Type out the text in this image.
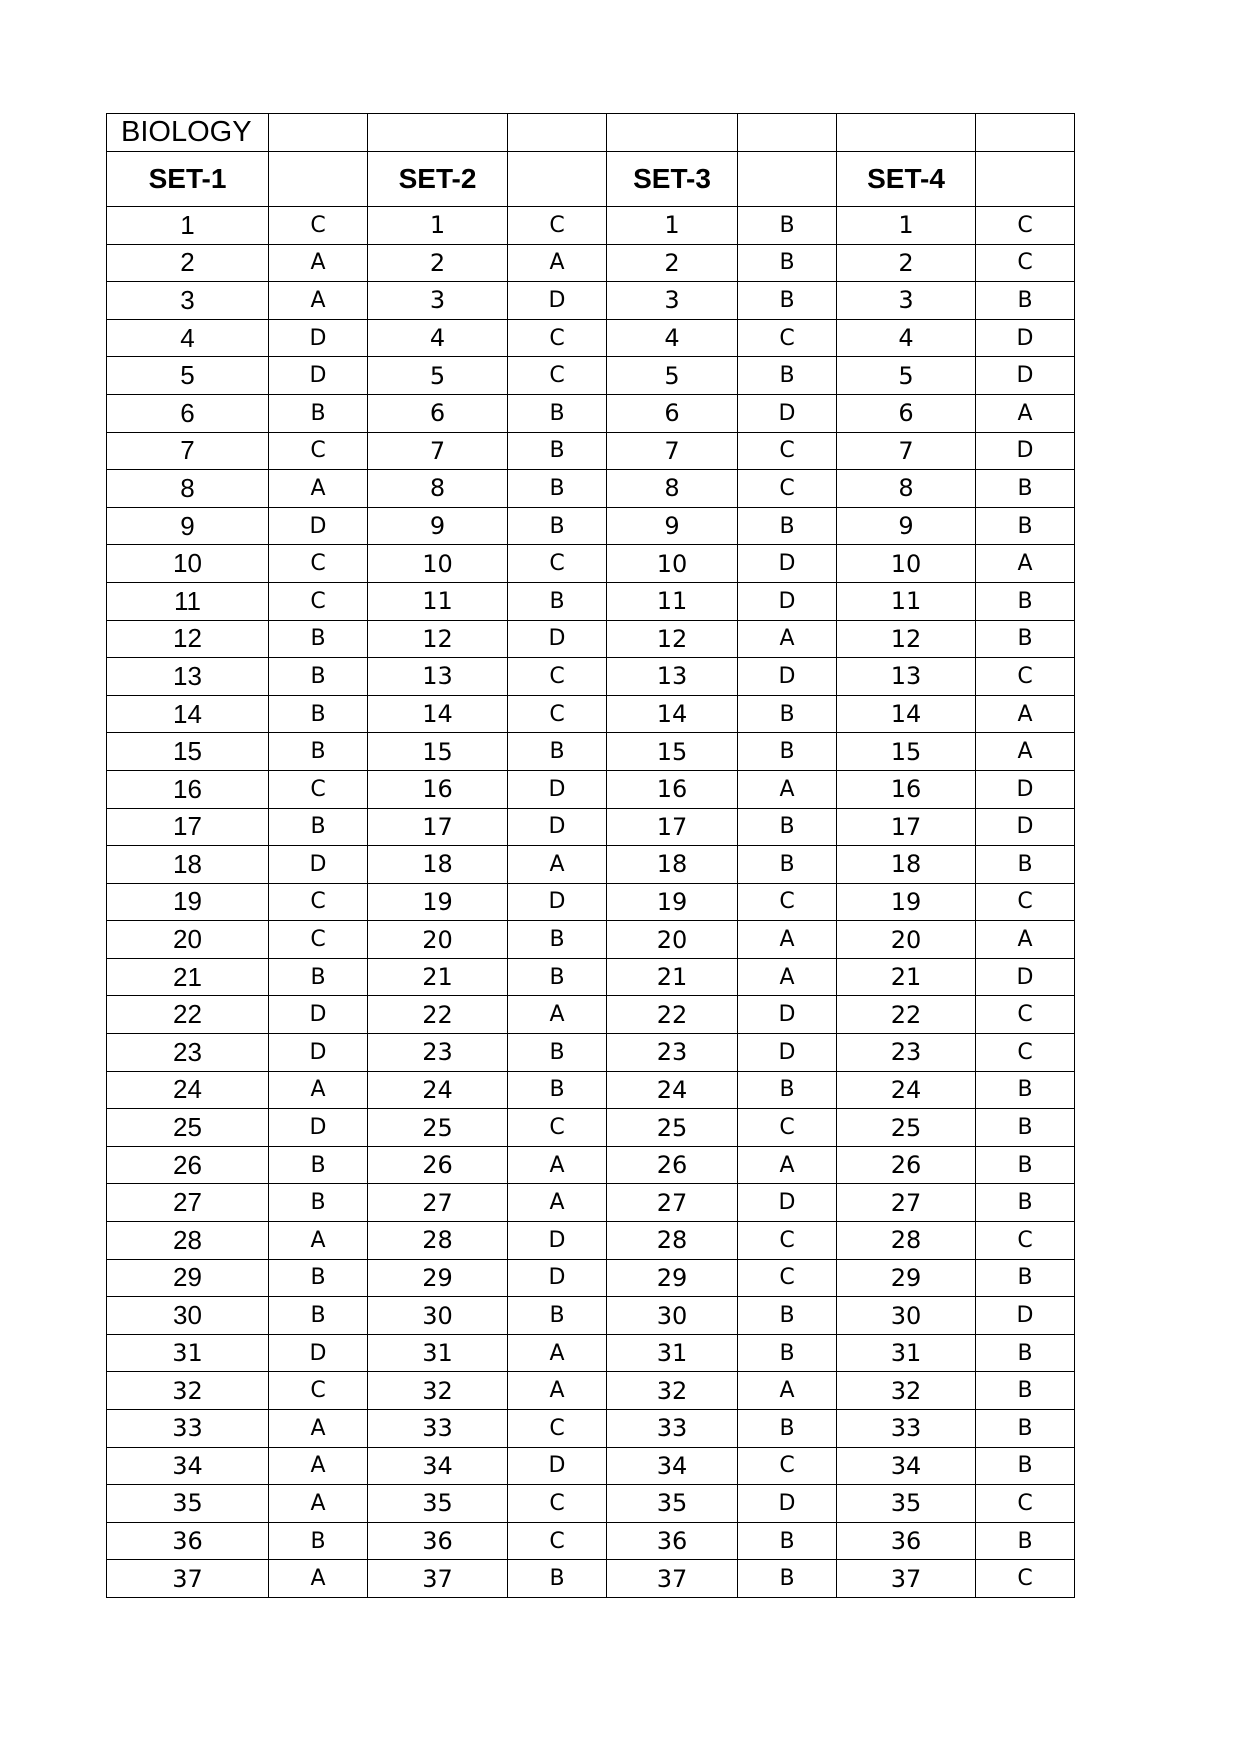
BIOLOGY							
SET-1		SET-2		SET-3		SET-4	
1	C	1	C	1	B	1	C
2	A	2	A	2	B	2	C
3	A	3	D	3	B	3	B
4	D	4	C	4	C	4	D
5	D	5	C	5	B	5	D
6	B	6	B	6	D	6	A
7	C	7	B	7	C	7	D
8	A	8	B	8	C	8	B
9	D	9	B	9	B	9	B
10	C	10	C	10	D	10	A
11	C	11	B	11	D	11	B
12	B	12	D	12	A	12	B
13	B	13	C	13	D	13	C
14	B	14	C	14	B	14	A
15	B	15	B	15	B	15	A
16	C	16	D	16	A	16	D
17	B	17	D	17	B	17	D
18	D	18	A	18	B	18	B
19	C	19	D	19	C	19	C
20	C	20	B	20	A	20	A
21	B	21	B	21	A	21	D
22	D	22	A	22	D	22	C
23	D	23	B	23	D	23	C
24	A	24	B	24	B	24	B
25	D	25	C	25	C	25	B
26	B	26	A	26	A	26	B
27	B	27	A	27	D	27	B
28	A	28	D	28	C	28	C
29	B	29	D	29	C	29	B
30	B	30	B	30	B	30	D
31	D	31	A	31	B	31	B
32	C	32	A	32	A	32	B
33	A	33	C	33	B	33	B
34	A	34	D	34	C	34	B
35	A	35	C	35	D	35	C
36	B	36	C	36	B	36	B
37	A	37	B	37	B	37	C
